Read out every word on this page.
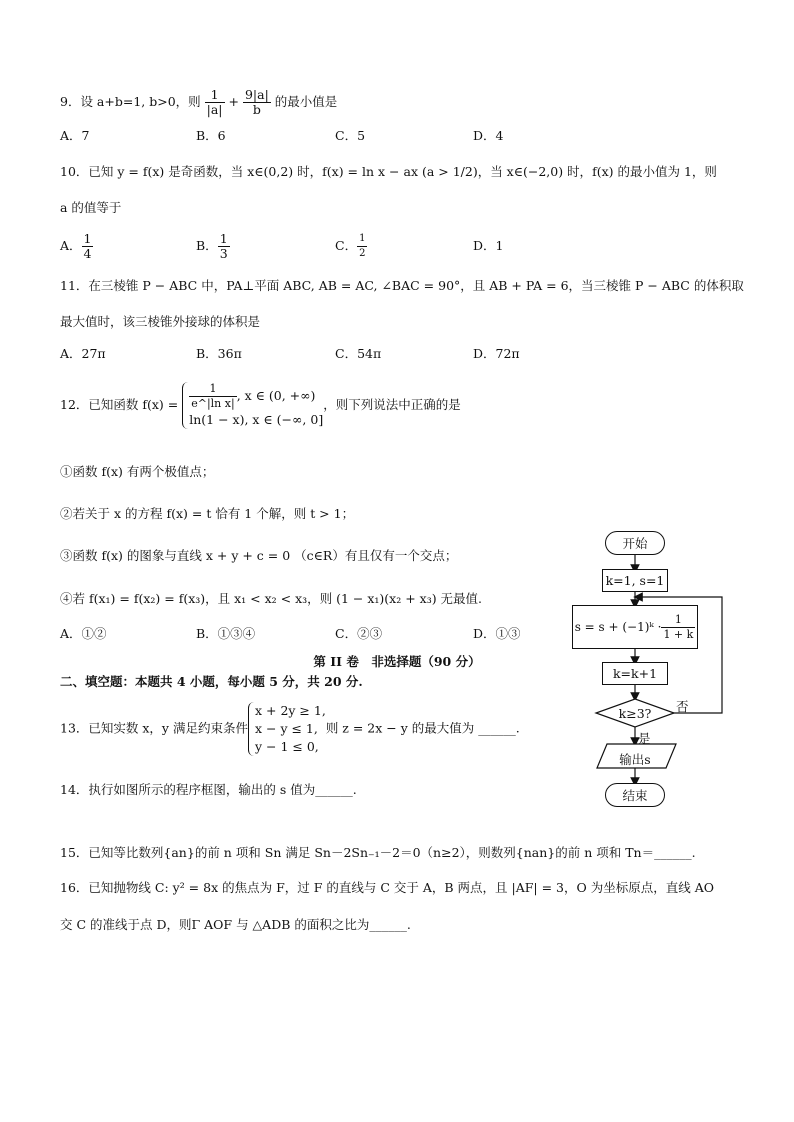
9．设 a+b=1, b>0，则 $\frac{1}{|a|} + \frac{9|a|}{b}$ 的最小值是
A．7	B．6	C．5	D．4
10．已知 y = f(x) 是奇函数，当 x∈(0,2) 时，f(x) = ln x − ax (a > 1/2)，当 x∈(−2,0) 时，f(x) 的最小值为 1，则
a 的值等于
A． $\frac{1}{4}$	B． $\frac{1}{3}$	C． $\frac{1}{2}$	D．1
11．在三棱锥 P − ABC 中，PA⊥平面 ABC, AB = AC, ∠BAC = 90°，且 AB + PA = 6，当三棱锥 P − ABC 的体积取
最大值时，该三棱锥外接球的体积是
A．27π	B．36π	C．54π	D．72π
12．已知函数 $f(x) = \frac{1}{\text{e\textasciicircum{}|ln x|}}$ , x ∈ (0, +∞)
ln(1 − x), x ∈ (−∞, 0]
，则下列说法中正确的是
①函数 f(x) 有两个极值点；
②若关于 x 的方程 f(x) = t 恰有 1 个解，则 t > 1；
③函数 f(x) 的图象与直线 x + y + c = 0 （c∈R）有且仅有一个交点；
④若 f(x₁) = f(x₂) = f(x₃)，且 x₁ < x₂ < x₃，则 (1 − x₁)(x₂ + x₃) 无最值.
A．①②	B．①③④	C．②③	D．①③
第 II 卷　非选择题（90 分）
二、填空题：本题共 4 小题，每小题 5 分，共 20 分.
13．已知实数 x，y 满足约束条件
x + 2y ≥ 1,
x − y ≤ 1,
y − 1 ≤ 0,
则 z = 2x − y 的最大值为 ______.
14．执行如图所示的程序框图，输出的 s 值为______.
15．已知等比数列{an}的前 n 项和 Sn 满足 Sn－2Sn₋₁－2＝0（n≥2），则数列{nan}的前 n 项和 Tn＝______.
16．已知抛物线 C: y² = 8x 的焦点为 F，过 F 的直线与 C 交于 A，B 两点，且 |AF| = 3，O 为坐标原点，直线 AO
交 C 的准线于点 D，则Γ AOF 与 △ADB 的面积之比为______.
开始
k=1, s=1
s = s + (−1)ᵏ · $\frac{1}{1 + k}$
k=k+1
k≥3? 否
是
输出s
结束
